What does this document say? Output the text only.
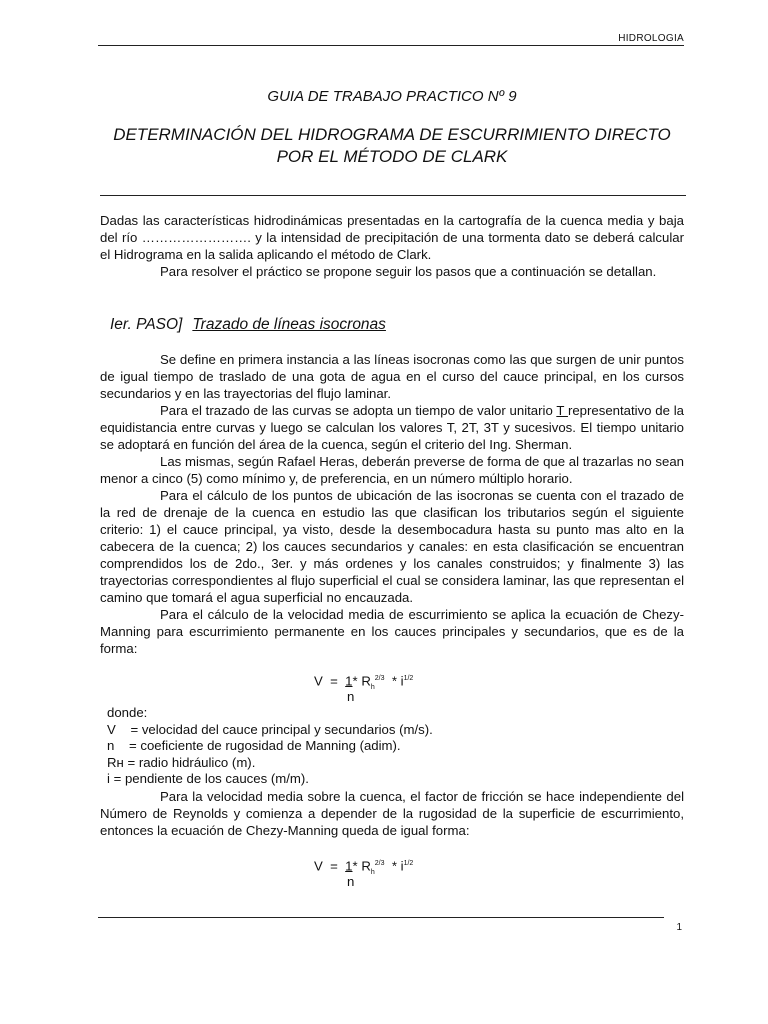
HIDROLOGIA
GUIA DE TRABAJO PRACTICO Nº 9
DETERMINACIÓN DEL HIDROGRAMA DE ESCURRIMIENTO DIRECTO
POR EL MÉTODO DE CLARK

Dadas las características hidrodinámicas presentadas en la cartografía de la cuenca media y baja del río ……………………. y la intensidad de precipitación de una tormenta dato se deberá calcular el Hidrograma en la salida aplicando el método de Clark.

Para resolver el práctico se propone seguir los pasos que a continuación se detallan.

Ier. PASO] Trazado de líneas isocronas

Se define en primera instancia a las líneas isocronas como las que surgen de unir puntos de igual tiempo de traslado de una gota de agua en el curso del cauce principal, en los cursos secundarios y en las trayectorias del flujo laminar.

Para el trazado de las curvas se adopta un tiempo de valor unitario T representativo de la equidistancia entre curvas y luego se calculan los valores T, 2T, 3T y sucesivos. El tiempo unitario se adoptará en función del área de la cuenca, según el criterio del Ing. Sherman.

Las mismas, según Rafael Heras, deberán preverse de forma de que al trazarlas no sean menor a cinco (5) como mínimo y, de preferencia, en un número múltiplo horario.

Para el cálculo de los puntos de ubicación de las isocronas se cuenta con el trazado de la red de drenaje de la cuenca en estudio las que clasifican los tributarios según el siguiente criterio: 1) el cauce principal, ya visto, desde la desembocadura hasta su punto mas alto en la cabecera de la cuenca; 2) los cauces secundarios y canales: en esta clasificación se encuentran comprendidos los de 2do., 3er. y más ordenes y los canales construidos; y finalmente 3) las trayectorias correspondientes al flujo superficial el cual se considera laminar, las que representan el camino que tomará el agua superficial no encauzada.

Para el cálculo de la velocidad media de escurrimiento se aplica la ecuación de Chezy-Manning para escurrimiento permanente en los cauces principales y secundarios, que es de la forma:

V = 1* $R_h^{2/3} * i^{1/2}$
n
donde:
V    = velocidad del cauce principal y secundarios (m/s).
n    = coeficiente de rugosidad de Manning (adim).
Rн = radio hidráulico (m).
i = pendiente de los cauces (m/m).

Para la velocidad media sobre la cuenca, el factor de fricción se hace independiente del Número de Reynolds y comienza a depender de la rugosidad de la superficie de escurrimiento, entonces la ecuación de Chezy-Manning queda de igual forma:

V = 1* $R_h^{2/3} * i^{1/2}$
n
1
